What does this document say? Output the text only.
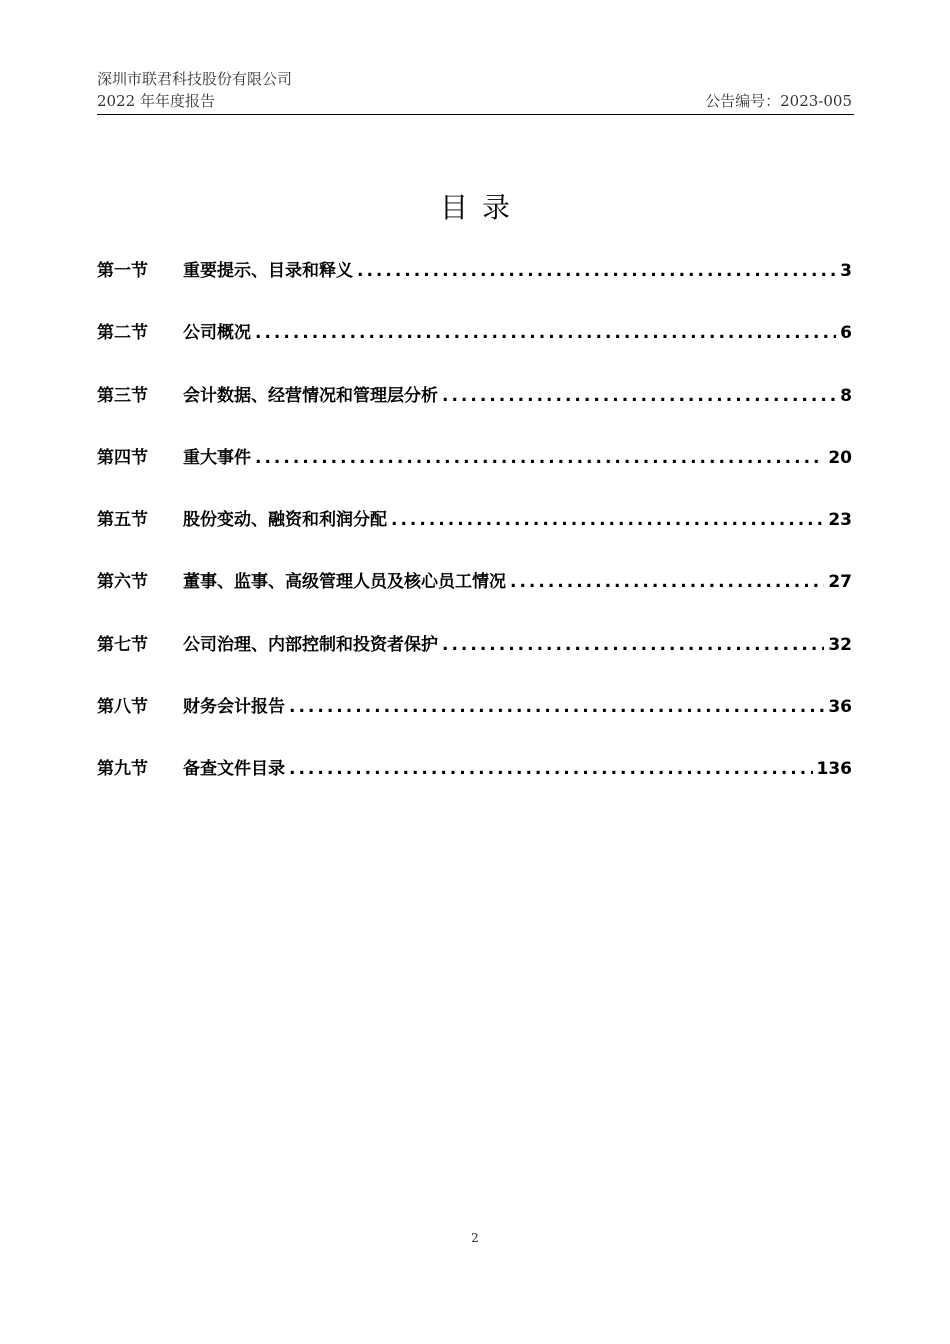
深圳市联君科技股份有限公司
2022 年年度报告	公告编号：2023-005
目录
第一节	重要提示、目录和释义 .....	3
第二节	公司概况 .....	6
第三节	会计数据、经营情况和管理层分析 .....	8
第四节	重大事件 .....	20
第五节	股份变动、融资和利润分配 .....	23
第六节	董事、监事、高级管理人员及核心员工情况 .....	27
第七节	公司治理、内部控制和投资者保护 .....	32
第八节	财务会计报告 .....	36
第九节	备查文件目录 .....	136
2
